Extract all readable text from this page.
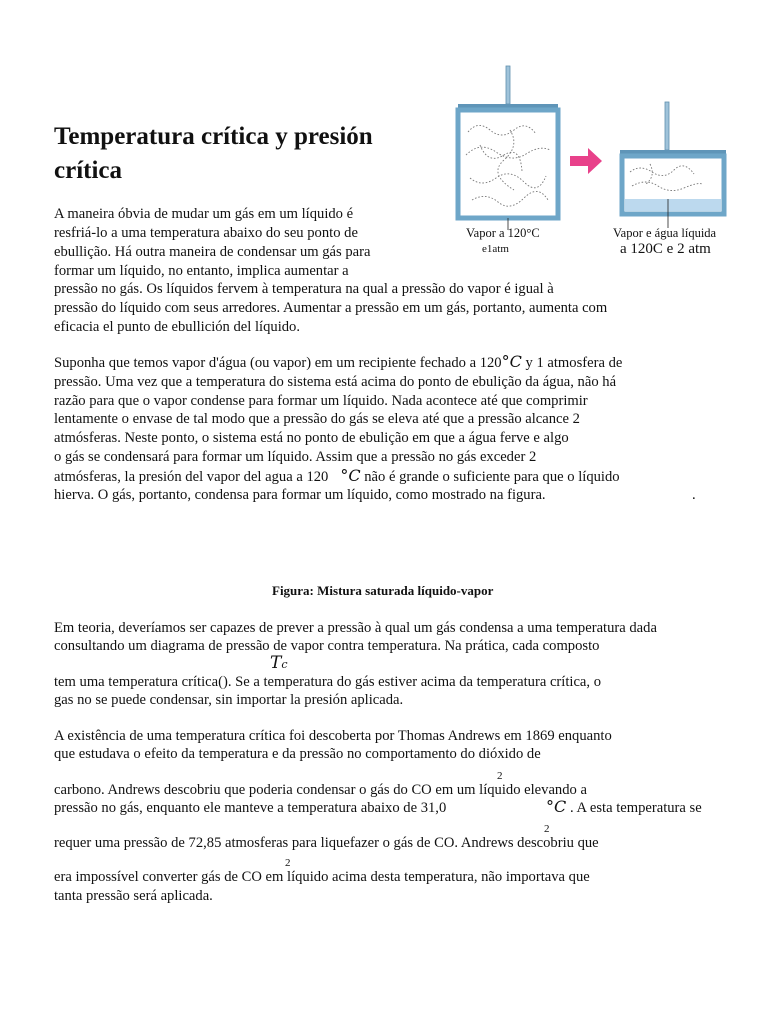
Temperatura crítica y presión
crítica
Vapor a 120°C
e1atm
Vapor e água líquida
a 120C e 2 atm
A maneira óbvia de mudar um gás em um líquido é
resfriá-lo a uma temperatura abaixo do seu ponto de
ebullição. Há outra maneira de condensar um gás para
formar um líquido, no entanto, implica aumentar a
pressão no gás. Os líquidos fervem à temperatura na qual a pressão do vapor é igual à
pressão do líquido com seus arredores. Aumentar a pressão em um gás, portanto, aumenta com
eficacia el punto de ebullición del líquido.
Suponha que temos vapor d'água (ou vapor) em um recipiente fechado a 120°C y 1 atmosfera de
pressão. Uma vez que a temperatura do sistema está acima do ponto de ebulição da água, não há
razão para que o vapor condense para formar um líquido. Nada acontece até que comprimir
lentamente o envase de tal modo que a pressão do gás se eleva até que a pressão alcance 2
atmósferas. Neste ponto, o sistema está no ponto de ebulição em que a água ferve e algo
o gás se condensará para formar um líquido. Assim que a pressão no gás exceder 2
atmósferas, la presión del vapor del agua a 120 °C não é grande o suficiente para que o líquido
hierva. O gás, portanto, condensa para formar um líquido, como mostrado na figura.	.
Figura: Mistura saturada líquido-vapor
Em teoria, deveríamos ser capazes de prever a pressão à qual um gás condensa a uma temperatura dada
consultando um diagrama de pressão de vapor contra temperatura. Na prática, cada composto
Tc
tem uma temperatura crítica(). Se a temperatura do gás estiver acima da temperatura crítica, o
gas no se puede condensar, sin importar la presión aplicada.
A existência de uma temperatura crítica foi descoberta por Thomas Andrews em 1869 enquanto
que estudava o efeito da temperatura e da pressão no comportamento do dióxido de
2
carbono. Andrews descobriu que poderia condensar o gás do CO em um líquido elevando a
pressão no gás, enquanto ele manteve a temperatura abaixo de 31,0	°C . A esta temperatura se
2
requer uma pressão de 72,85 atmosferas para liquefazer o gás de CO. Andrews descobriu que
2
era impossível converter gás de CO em líquido acima desta temperatura, não importava que
tanta pressão será aplicada.
